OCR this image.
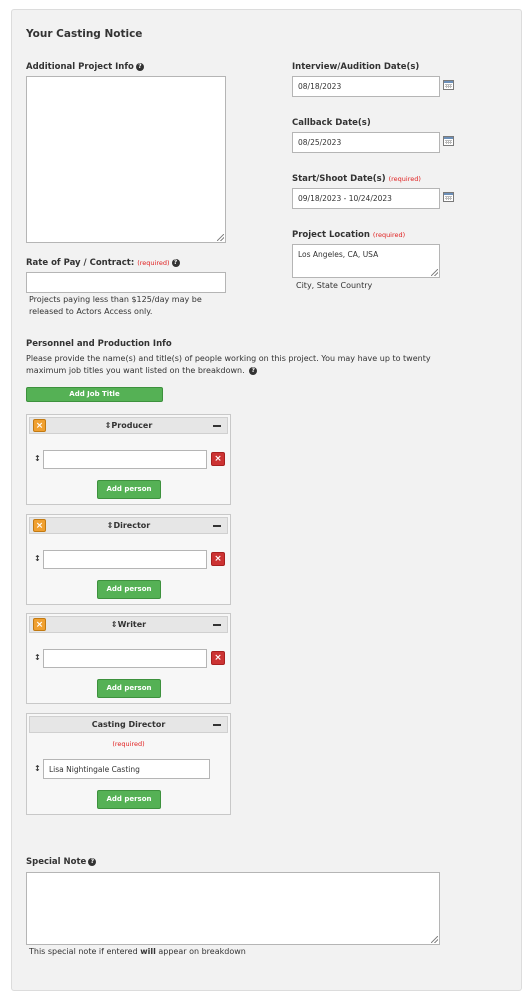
Your Casting Notice
Additional Project Info ?
Rate of Pay / Contract: (required) ?
Projects paying less than $125/day may be released to Actors Access only.
Interview/Audition Date(s)
08/18/2023
Callback Date(s)
08/25/2023
Start/Shoot Date(s) (required)
09/18/2023 - 10/24/2023
Project Location (required)
Los Angeles, CA, USA
City, State Country
Personnel and Production Info
Please provide the name(s) and title(s) of people working on this project. You may have up to twenty maximum job titles you want listed on the breakdown. ?
Add Job Title
×	⇕Producer
↕	×
Add person
×	⇕Director
↕	×
Add person
×	⇕Writer
↕	×
Add person
Casting Director
(required)
↕	Lisa Nightingale Casting
Add person
Special Note ?
This special note if entered will appear on breakdown
